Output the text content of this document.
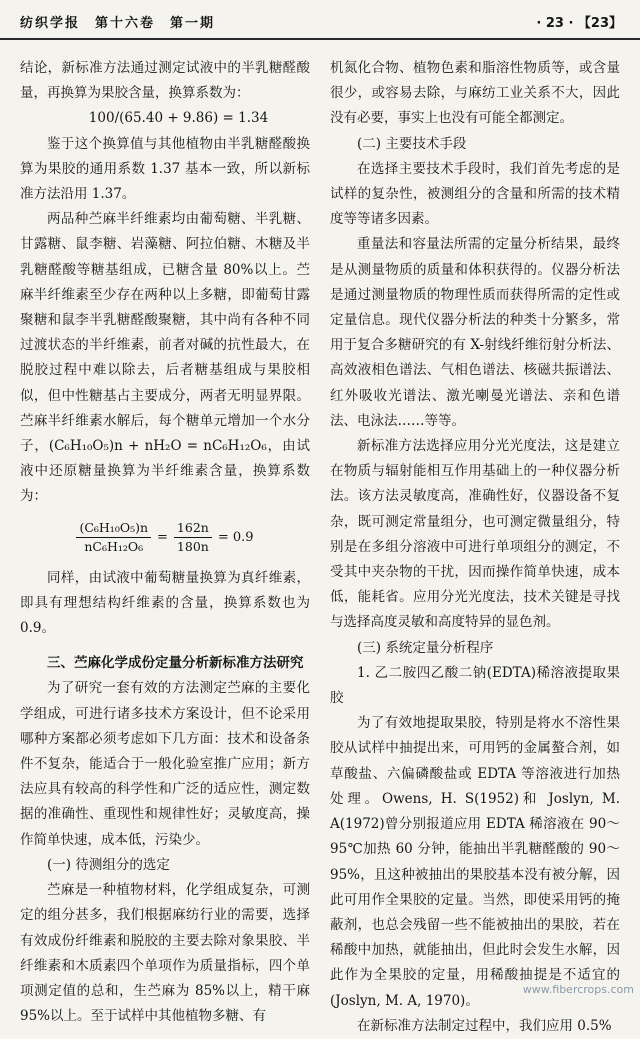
纺织学报　第十六卷　第一期	· 23 · 【23】

结论，新标准方法通过测定试液中的半乳糖醛酸量，再换算为果胶含量，换算系数为：

100/(65.40 + 9.86) = 1.34

鉴于这个换算值与其他植物由半乳糖醛酸换算为果胶的通用系数 1.37 基本一致，所以新标准方法沿用 1.37。

两品种苎麻半纤维素均由葡萄糖、半乳糖、甘露糖、鼠李糖、岩藻糖、阿拉伯糖、木糖及半乳糖醛酸等糖基组成，已糖含量 80%以上。苎麻半纤维素至少存在两种以上多糖，即葡萄甘露聚糖和鼠李半乳糖醛酸聚糖，其中尚有各种不同过渡状态的半纤维素，前者对碱的抗性最大，在脱胶过程中难以除去，后者糖基组成与果胶相似，但中性糖基占主要成分，两者无明显界限。苎麻半纤维素水解后，每个糖单元增加一个水分子，(C₆H₁₀O₅)n + nH₂O = nC₆H₁₂O₆，由试液中还原糖量换算为半纤维素含量，换算系数为：

$\frac{\text{(C₆H₁₀O₅)n}}{\text{nC₆H₁₂O₆}} = \frac{162n}{180n} = 0.9$

同样，由试液中葡萄糖量换算为真纤维素，即具有理想结构纤维素的含量，换算系数也为 0.9。

三、苎麻化学成份定量分析新标准方法研究

为了研究一套有效的方法测定苎麻的主要化学组成，可进行诸多技术方案设计，但不论采用哪种方案都必须考虑如下几方面：技术和设备条件不复杂，能适合于一般化验室推广应用；新方法应具有较高的科学性和广泛的适应性，测定数据的准确性、重现性和规律性好；灵敏度高，操作简单快速，成本低，污染少。

(一) 待测组分的选定

苎麻是一种植物材料，化学组成复杂，可测定的组分甚多，我们根据麻纺行业的需要，选择有效成份纤维素和脱胶的主要去除对象果胶、半纤维素和木质素四个单项作为质量指标，四个单项测定值的总和，生苎麻为 85%以上，精干麻 95%以上。至于试样中其他植物多糖、有

机氮化合物、植物色素和脂溶性物质等，或含量很少，或容易去除，与麻纺工业关系不大，因此没有必要，事实上也没有可能全都测定。

(二) 主要技术手段

在选择主要技术手段时，我们首先考虑的是试样的复杂性，被测组分的含量和所需的技术精度等等诸多因素。

重量法和容量法所需的定量分析结果，最终是从测量物质的质量和体积获得的。仪器分析法是通过测量物质的物理性质而获得所需的定性或定量信息。现代仪器分析法的种类十分繁多，常用于复合多糖研究的有 X-射线纤维衍射分析法、高效液相色谱法、气相色谱法、核磁共振谱法、红外吸收光谱法、激光喇曼光谱法、亲和色谱法、电泳法……等等。

新标准方法选择应用分光光度法，这是建立在物质与辐射能相互作用基础上的一种仪器分析法。该方法灵敏度高，准确性好，仪器设备不复杂，既可测定常量组分，也可测定微量组分，特别是在多组分溶液中可进行单项组分的测定，不受其中夹杂物的干扰，因而操作简单快速，成本低，能耗省。应用分光光度法，技术关键是寻找与选择高度灵敏和高度特异的显色剂。

(三) 系统定量分析程序

1. 乙二胺四乙酸二钠(EDTA)稀溶液提取果胶

为了有效地提取果胶，特别是将水不溶性果胶从试样中抽提出来，可用钙的金属螯合剂，如草酸盐、六偏磷酸盐或 EDTA 等溶液进行加热处理。Owens, H. S(1952)和 Joslyn, M. A(1972)曾分别报道应用 EDTA 稀溶液在 90～95℃加热 60 分钟，能抽出半乳糖醛酸的 90～95%，且这种被抽出的果胶基本没有被分解，因此可用作全果胶的定量。当然，即使采用钙的掩蔽剂，也总会残留一些不能被抽出的果胶，若在稀酸中加热，就能抽出，但此时会发生水解，因此作为全果胶的定量，用稀酸抽提是不适宜的(Joslyn, M. A, 1970)。

在新标准方法制定过程中，我们应用 0.5%

www.fibercrops.com
